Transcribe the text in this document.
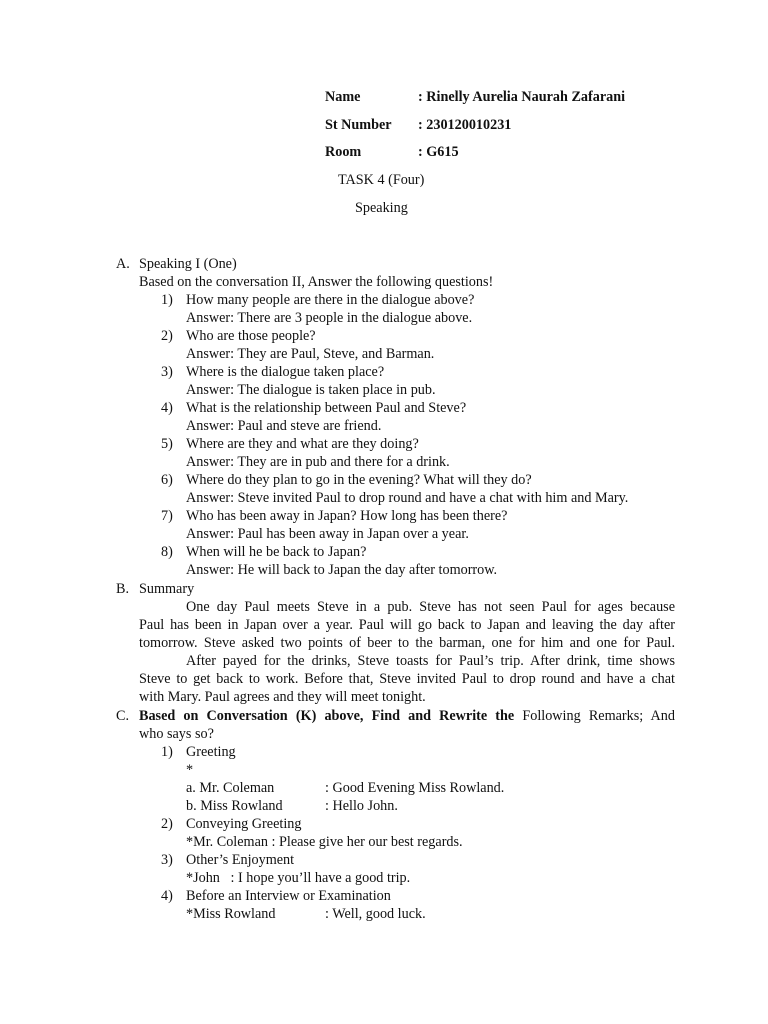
Name	: Rinelly Aurelia Naurah Zafarani
St Number : 230120010231
Room	: G615
TASK 4 (Four)
Speaking
A. Speaking I (One)
Based on the conversation II, Answer the following questions!
1) How many people are there in the dialogue above?
Answer: There are 3 people in the dialogue above.
2) Who are those people?
Answer: They are Paul, Steve, and Barman.
3) Where is the dialogue taken place?
Answer: The dialogue is taken place in pub.
4) What is the relationship between Paul and Steve?
Answer: Paul and steve are friend.
5) Where are they and what are they doing?
Answer: They are in pub and there for a drink.
6) Where do they plan to go in the evening? What will they do?
Answer: Steve invited Paul to drop round and have a chat with him and Mary.
7) Who has been away in Japan? How long has been there?
Answer: Paul has been away in Japan over a year.
8) When will he be back to Japan?
Answer: He will back to Japan the day after tomorrow.
B. Summary
One day Paul meets Steve in a pub. Steve has not seen Paul for ages because
Paul has been in Japan over a year. Paul will go back to Japan and leaving the day after
tomorrow. Steve asked two points of beer to the barman, one for him and one for Paul.
After payed for the drinks, Steve toasts for Paul’s trip. After drink, time shows
Steve to get back to work. Before that, Steve invited Paul to drop round and have a chat
with Mary. Paul agrees and they will meet tonight.
C. Based on Conversation (K) above, Find and Rewrite the Following Remarks; And
who says so?
1) Greeting
*
a. Mr. Coleman	: Good Evening Miss Rowland.
b. Miss Rowland	: Hello John.
2) Conveying Greeting
*Mr. Coleman : Please give her our best regards.
3) Other’s Enjoyment
*John   : I hope you’ll have a good trip.
4) Before an Interview or Examination
*Miss Rowland	: Well, good luck.
